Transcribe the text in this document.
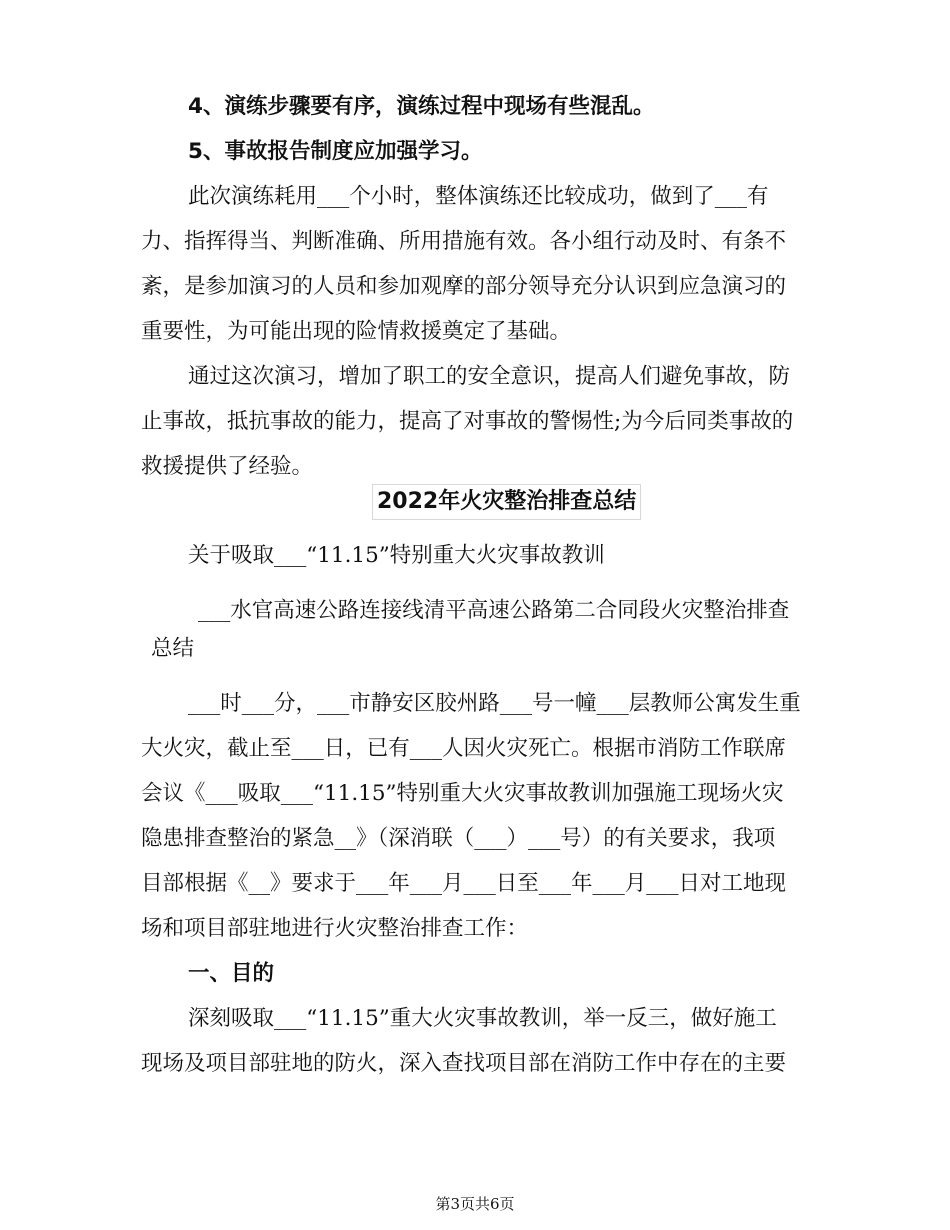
4、演练步骤要有序，演练过程中现场有些混乱。
5、事故报告制度应加强学习。
此次演练耗用___个小时，整体演练还比较成功，做到了___有
力、指挥得当、判断准确、所用措施有效。各小组行动及时、有条不
紊，是参加演习的人员和参加观摩的部分领导充分认识到应急演习的
重要性，为可能出现的险情救援奠定了基础。
通过这次演习，增加了职工的安全意识，提高人们避免事故，防
止事故，抵抗事故的能力，提高了对事故的警惕性;为今后同类事故的
救援提供了经验。
2022年火灾整治排查总结
关于吸取___“11.15”特别重大火灾事故教训
___水官高速公路连接线清平高速公路第二合同段火灾整治排查
总结
___时___分，___市静安区胶州路___号一幢___层教师公寓发生重
大火灾，截止至___日，已有___人因火灾死亡。根据市消防工作联席
会议《___吸取___“11.15”特别重大火灾事故教训加强施工现场火灾
隐患排查整治的紧急__》（深消联（___）___号）的有关要求，我项
目部根据《__》要求于___年___月___日至___年___月___日对工地现
场和项目部驻地进行火灾整治排查工作：
一、目的
深刻吸取___“11.15”重大火灾事故教训，举一反三，做好施工
现场及项目部驻地的防火，深入查找项目部在消防工作中存在的主要
第3页共6页
